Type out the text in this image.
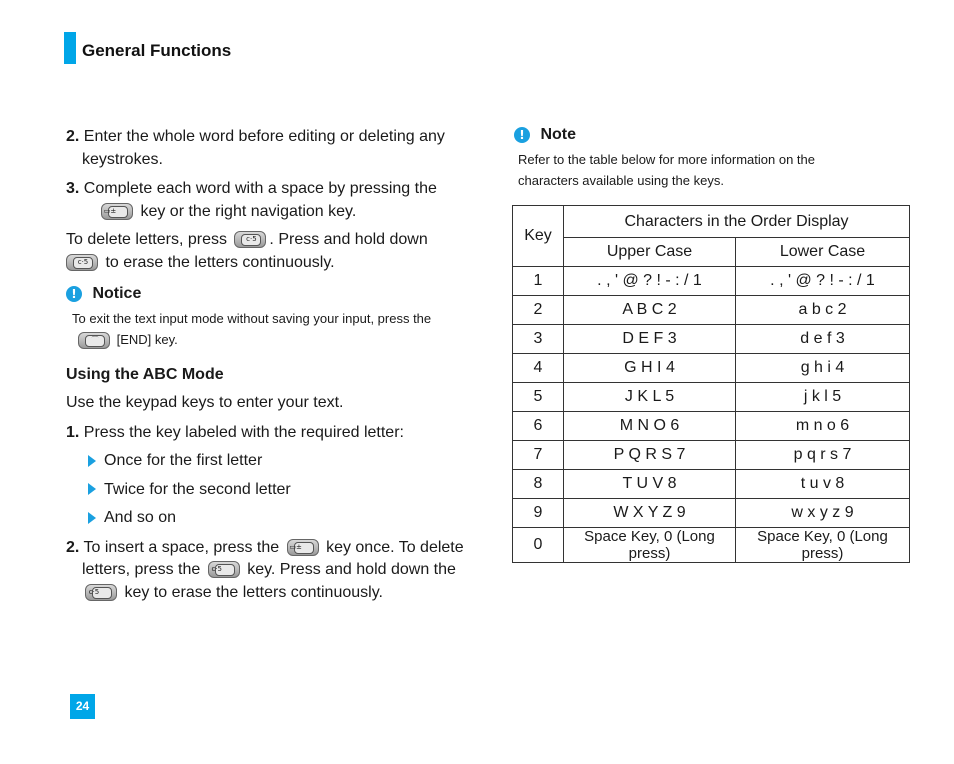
General Functions

2. Enter the whole word before editing or deleting any keystrokes.

3. Complete each word with a space by pressing the

▭±	key or the right navigation key.

To delete letters, press	c·5 . Press and hold down

c·5 to erase the letters continuously.

! Notice
To exit the text input mode without saving your input, press the

⌒	[END] key.
Using the ABC Mode

Use the keypad keys to enter your text.

1. Press the key labeled with the required letter:

Once for the first letter
Twice for the second letter
And so on

2. To insert a space, press the ▭±	key once. To delete letters, press the c·5	key. Press and hold down the
c·5	key to erase the letters continuously.

! Note
Refer to the table below for more information on the characters available using the keys.
Key	Characters in the Order Display	
	Upper Case	Lower Case
1	. , ' @ ? ! - : / 1	. , ' @ ? ! - : / 1
2	A B C 2	a b c 2
3	D E F 3	d e f 3
4	G H I 4	g h i 4
5	J K L 5	j k l 5
6	M N O 6	m n o 6
7	P Q R S 7	p q r s 7
8	T U V 8	t u v 8
9	W X Y Z 9	w x y z 9
0	Space Key, 0 (Long press)	Space Key, 0 (Long press)
24
